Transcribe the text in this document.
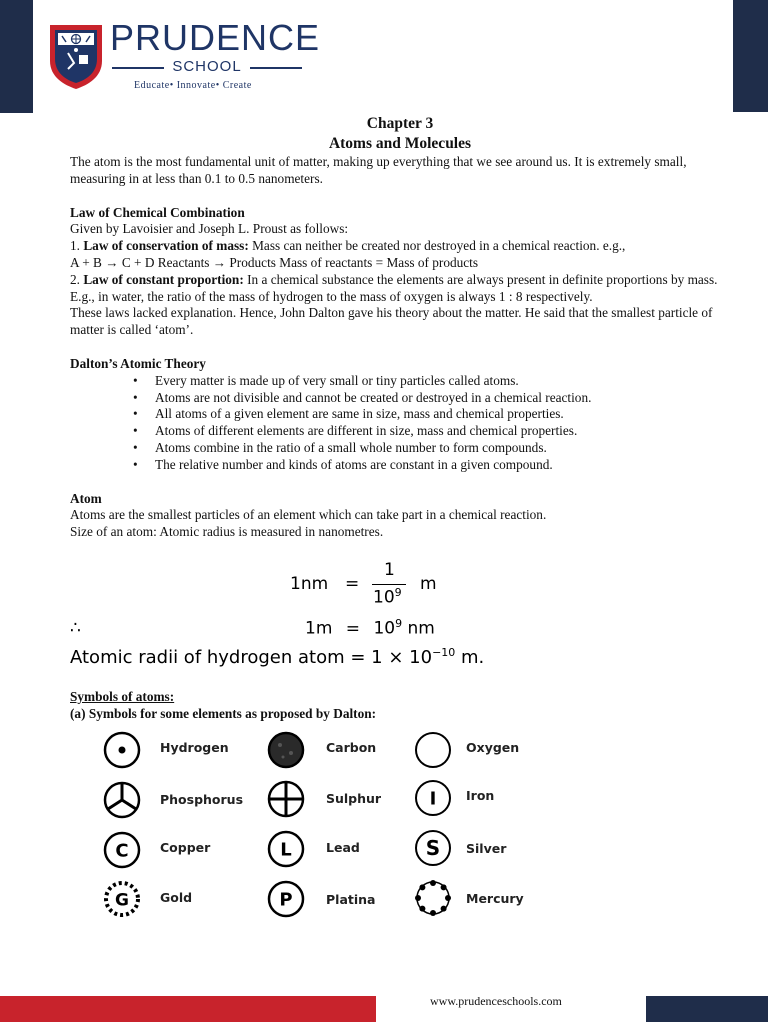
PRUDENCE
SCHOOL
Educate• Innovate• Create
Chapter 3
Atoms and Molecules

The atom is the most fundamental unit of matter, making up everything that we see around us. It is extremely small, measuring in at less than 0.1 to 0.5 nanometers.

Law of Chemical Combination

Given by Lavoisier and Joseph L. Proust as follows:

1. Law of conservation of mass: Mass can neither be created nor destroyed in a chemical reaction. e.g.,

A + B → C + D Reactants → Products Mass of reactants = Mass of products

2. Law of constant proportion: In a chemical substance the elements are always present in definite proportions by mass.

E.g., in water, the ratio of the mass of hydrogen to the mass of oxygen is always 1 : 8 respectively.

These laws lacked explanation. Hence, John Dalton gave his theory about the matter. He said that the smallest particle of matter is called ‘atom’.

Dalton’s Atomic Theory

• Every matter is made up of very small or tiny particles called atoms.
• Atoms are not divisible and cannot be created or destroyed in a chemical reaction.
• All atoms of a given element are same in size, mass and chemical properties.
• Atoms of different elements are different in size, mass and chemical properties.
• Atoms combine in the ratio of a small whole number to form compounds.
• The relative number and kinds of atoms are constant in a given compound.

Atom

Atoms are the smallest particles of an element which can take part in a chemical reaction.

Size of an atom: Atomic radius is measured in nanometres.

1nm =
1
$10^9$ m
∴	$1m = 10^9$ nm
Atomic radii of hydrogen atom = $1 \times 10^{-10}$ m.
Symbols of atoms:
(a) Symbols for some elements as proposed by Dalton:
Hydrogen	Carbon	Oxygen
Phosphorus	Sulphur	I Iron
C	Copper	L	Lead	S Silver
G Gold	P	Platina	Mercury
www.prudenceschools.com
